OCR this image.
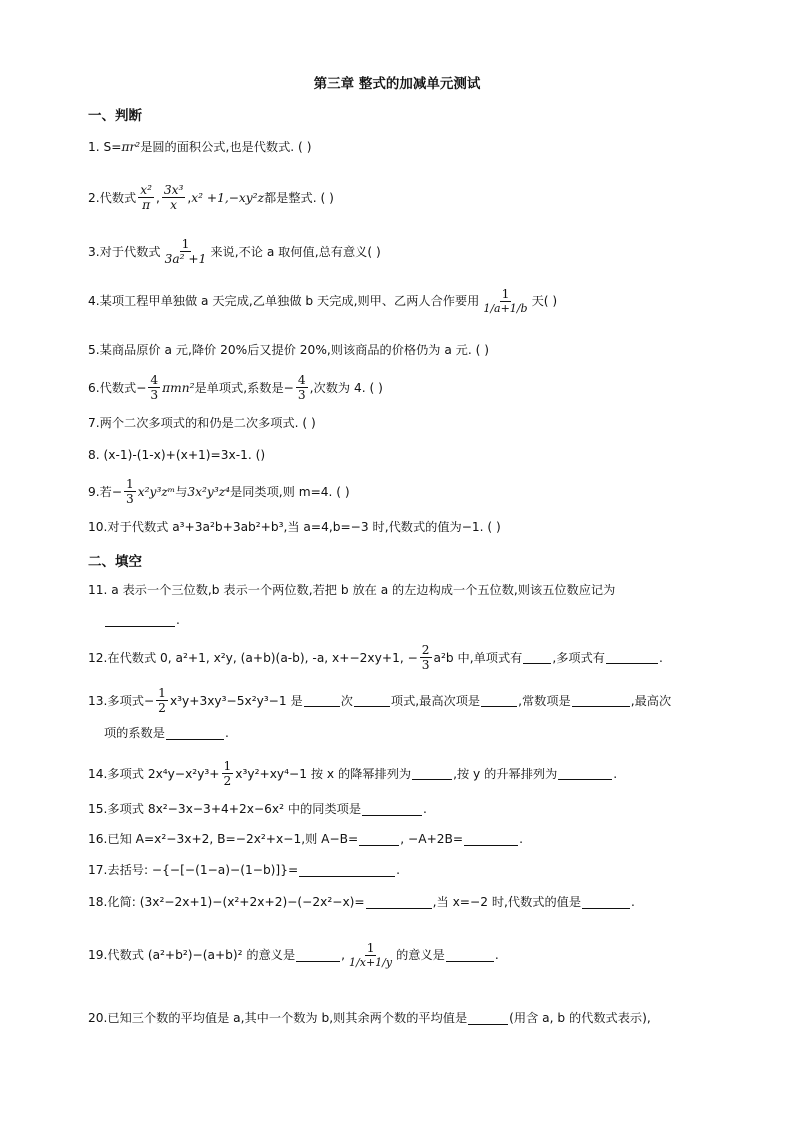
第三章 整式的加减单元测试
一、判断
1. S= πr² 是圆的面积公式,也是代数式. ( )
2.代数式 $\frac{\text{x²}}{\pi}$ , $\frac{\text{3x³}}{x}$ , x² +1,−xy²z 都是整式. ( )
3.对于代数式 $\frac{1}{\text{3a² +1}}$ 来说,不论 a 取何值,总有意义( )
4.某项工程甲单独做 a 天完成,乙单独做 b 天完成,则甲、乙两人合作要用 $\frac{1}{1/a+1/b}$ 天( )
5.某商品原价 a 元,降价 20%后又提价 20%,则该商品的价格仍为 a 元. ( )
6.代数式− $\frac{4}{3} \pi mn^2$ 是单项式,系数是− $\frac{4}{3}$ ,次数为 4. ( )
7.两个二次多项式的和仍是二次多项式. ( )
8. (x-1)-(1-x)+(x+1)=3x-1. ()
9.若− $\frac{1}{3}$ x²y³zᵐ 与 3x²y³z⁴ 是同类项,则 m=4. ( )
10.对于代数式 a³+3a²b+3ab²+b³,当 a=4,b=−3 时,代数式的值为−1. ( )
二、填空
11. a 表示一个三位数,b 表示一个两位数,若把 b 放在 a 的左边构成一个五位数,则该五位数应记为
.
12.在代数式 0, a²+1, x²y, (a+b)(a-b), -a, x+−2xy+1, − $\frac{2}{3} a^2b$ 中,单项式有 ,多项式有	.
13.多项式− $\frac{1}{2} x^3y+3xy^3-5x^2y^3-1$ 是	次	项式,最高次项是	,常数项是	,最高次
项的系数是	.
14.多项式 $2x^4y-x^2y^3+ \frac{1}{2} x^3y^2+xy^4-1$ 按 x 的降幂排列为	,按 y 的升幂排列为	.
15.多项式 8x²−3x−3+4+2x−6x² 中的同类项是	.
16.已知 A=x²−3x+2, B=−2x²+x−1,则 A−B=	, −A+2B=	.
17.去括号: −{−[−(1−a)−(1−b)]}=	.
18.化简: (3x²−2x+1)−(x²+2x+2)−(−2x²−x)=	,当 x=−2 时,代数式的值是	.
19.代数式 (a²+b²)−(a+b)² 的意义是	, $\frac{1}{1/x+1/y}$ 的意义是	.
20.已知三个数的平均值是 a,其中一个数为 b,则其余两个数的平均值是	(用含 a, b 的代数式表示),
